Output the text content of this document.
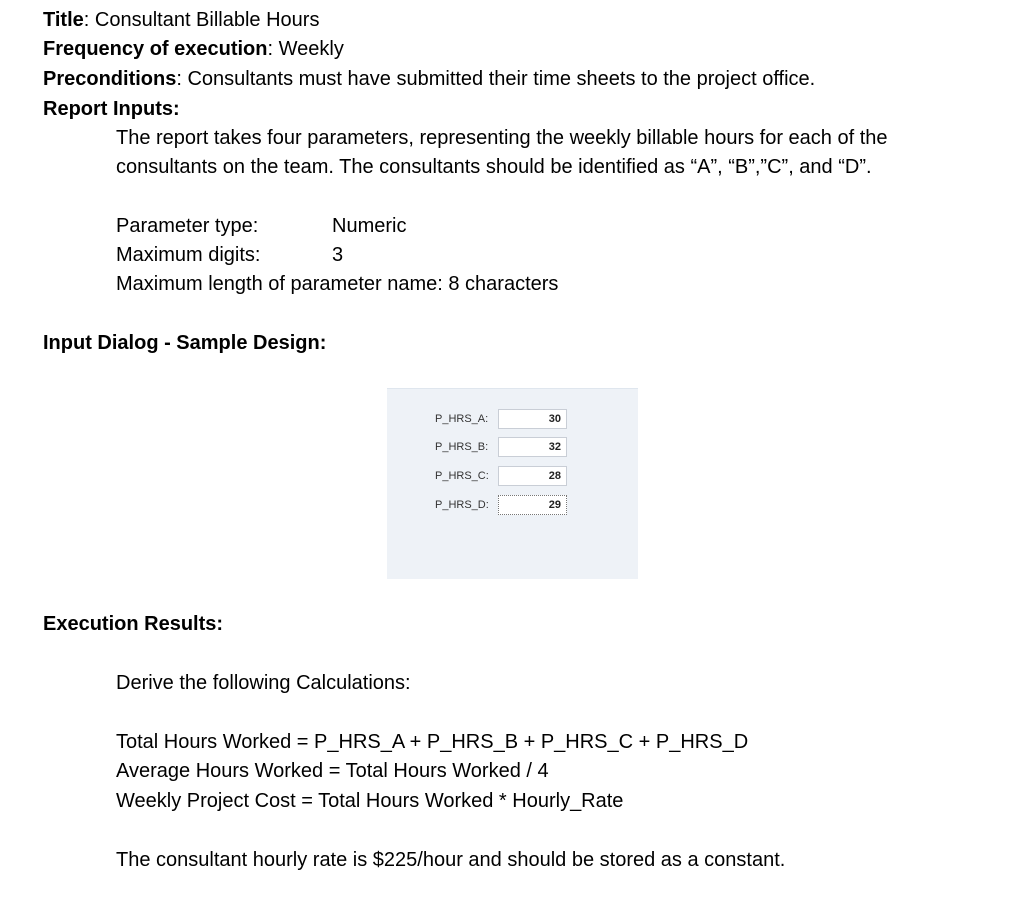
Title: Consultant Billable Hours
Frequency of execution: Weekly
Preconditions: Consultants must have submitted their time sheets to the project office.
Report Inputs:
The report takes four parameters, representing the weekly billable hours for each of the
consultants on the team. The consultants should be identified as “A”, “B”,”C”, and “D”.
Parameter type:	Numeric
Maximum digits:	3
Maximum length of parameter name: 8 characters
Input Dialog - Sample Design:
P_HRS_A:	30
P_HRS_B:	32
P_HRS_C:	28
P_HRS_D:	29
Execution Results:
Derive the following Calculations:
Total Hours Worked = P_HRS_A + P_HRS_B + P_HRS_C + P_HRS_D
Average Hours Worked = Total Hours Worked / 4
Weekly Project Cost = Total Hours Worked * Hourly_Rate
The consultant hourly rate is $225/hour and should be stored as a constant.
